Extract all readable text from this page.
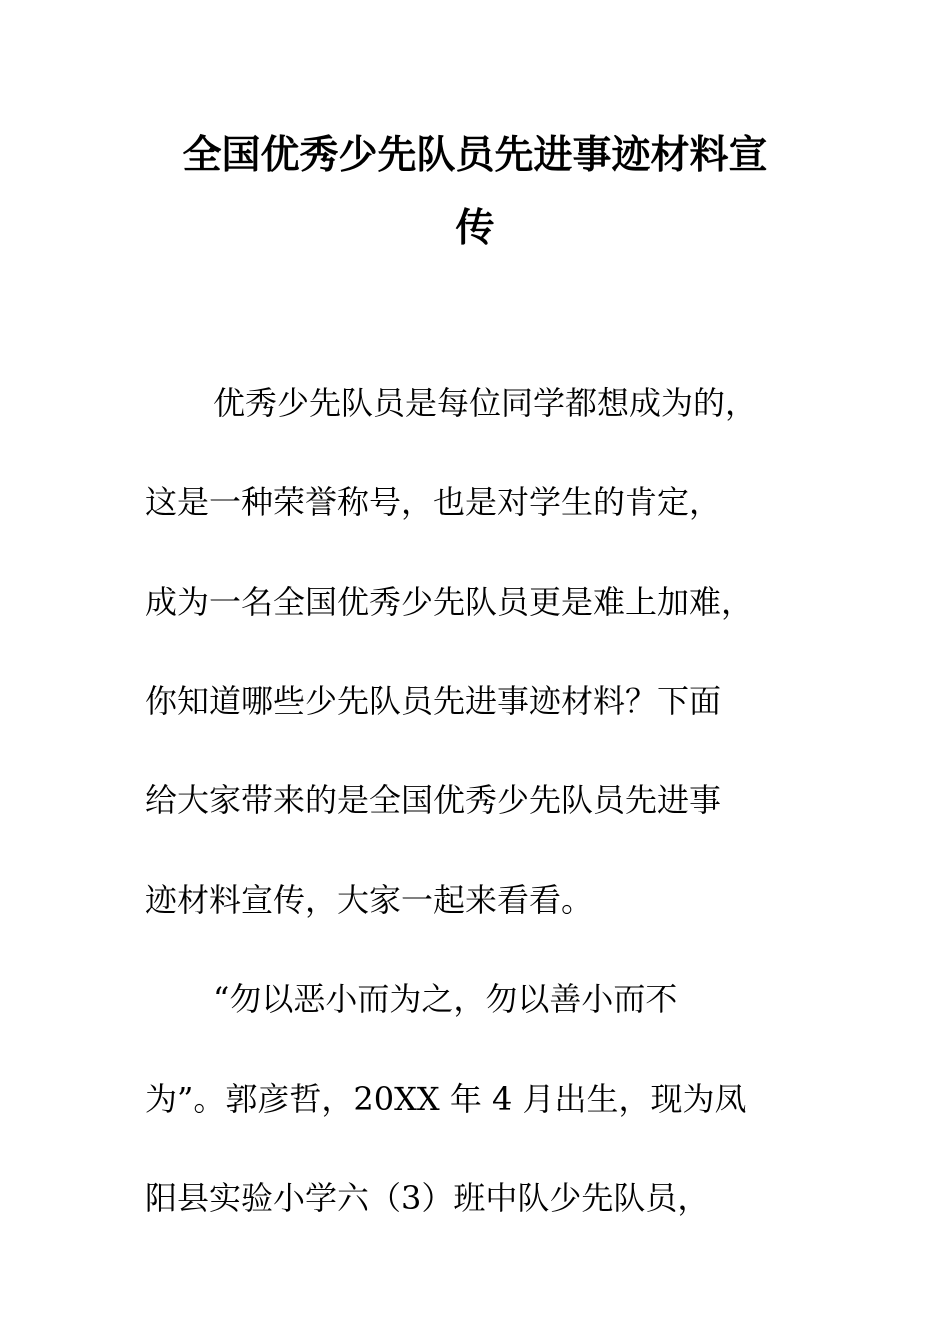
全国优秀少先队员先进事迹材料宣
传

优秀少先队员是每位同学都想成为的，

这是一种荣誉称号，也是对学生的肯定，

成为一名全国优秀少先队员更是难上加难，

你知道哪些少先队员先进事迹材料？下面

给大家带来的是全国优秀少先队员先进事

迹材料宣传，大家一起来看看。

“勿以恶小而为之，勿以善小而不

为”。郭彦哲，20XX 年 4 月出生，现为凤

阳县实验小学六（3）班中队少先队员，
